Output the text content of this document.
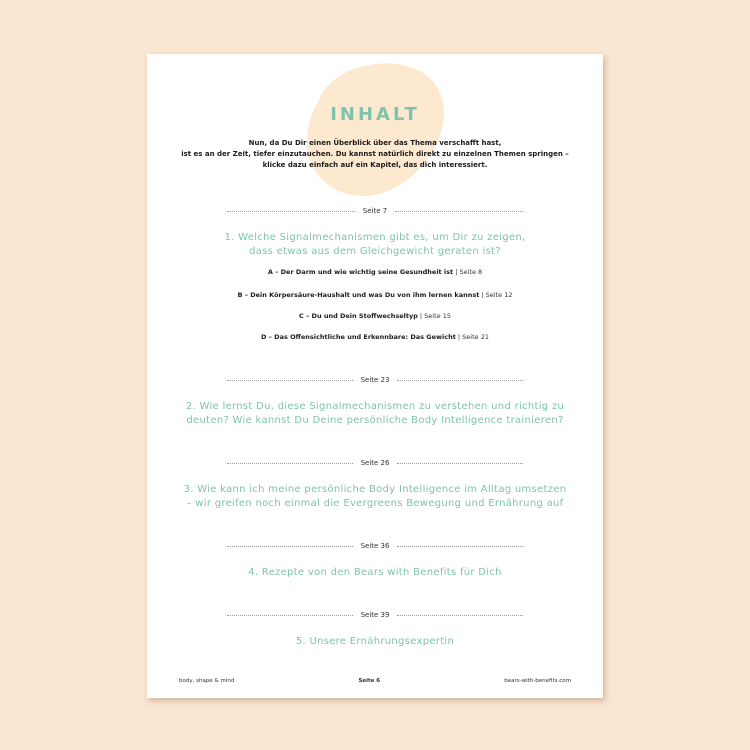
INHALT

Nun, da Du Dir einen Überblick über das Thema verschafft hast,
ist es an der Zeit, tiefer einzutauchen. Du kannst natürlich direkt zu einzelnen Themen springen –
klicke dazu einfach auf ein Kapitel, das dich interessiert.

Seite 7

1. Welche Signalmechanismen gibt es, um Dir zu zeigen,
dass etwas aus dem Gleichgewicht geraten ist?

A – Der Darm und wie wichtig seine Gesundheit ist | Seite 8

B – Dein Körpersäure-Haushalt und was Du von ihm lernen kannst | Seite 12

C – Du und Dein Stoffwechseltyp | Seite 15

D – Das Offensichtliche und Erkennbare: Das Gewicht | Seite 21

Seite 23

2. Wie lernst Du, diese Signalmechanismen zu verstehen und richtig zu
deuten? Wie kannst Du Deine persönliche Body Intelligence trainieren?

Seite 26

3. Wie kann ich meine persönliche Body Intelligence im Alltag umsetzen
– wir greifen noch einmal die Evergreens Bewegung und Ernährung auf

Seite 36

4. Rezepte von den Bears with Benefits für Dich

Seite 39

5. Unsere Ernährungsexpertin

body, shape & mind	Seite 6	bears-with-benefits.com
